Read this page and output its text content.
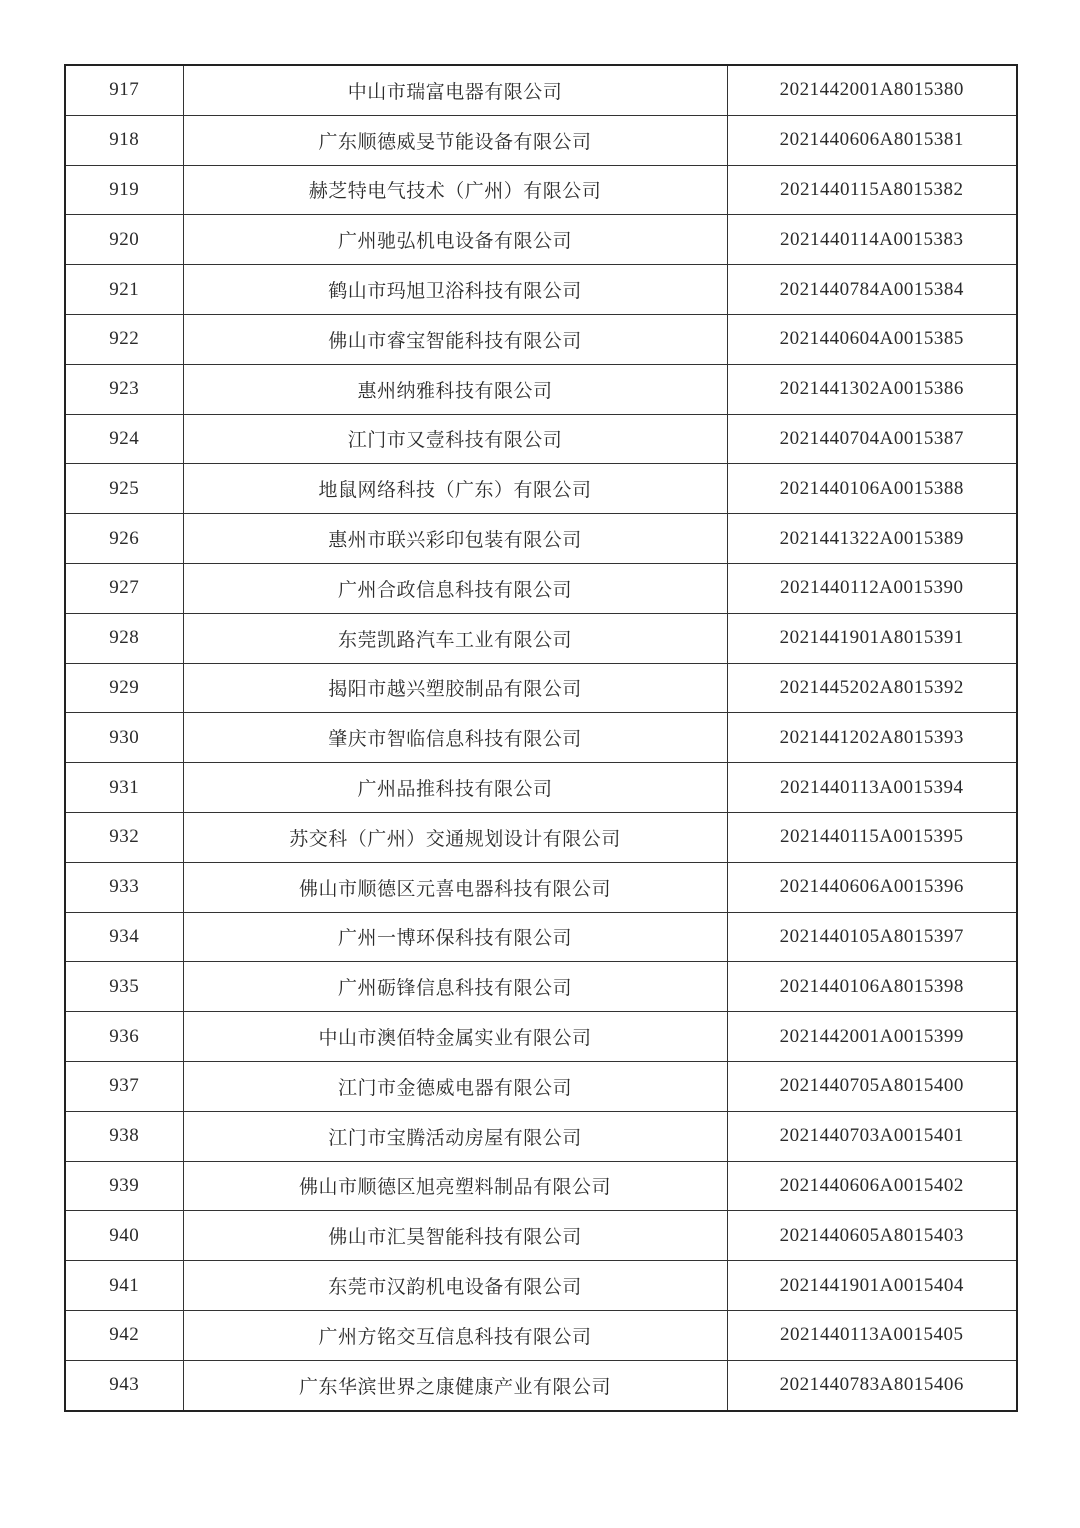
917	中山市瑞富电器有限公司	2021442001A8015380
918	广东顺德威旻节能设备有限公司	2021440606A8015381
919	赫芝特电气技术（广州）有限公司	2021440115A8015382
920	广州驰弘机电设备有限公司	2021440114A0015383
921	鹤山市玛旭卫浴科技有限公司	2021440784A0015384
922	佛山市睿宝智能科技有限公司	2021440604A0015385
923	惠州纳雅科技有限公司	2021441302A0015386
924	江门市又壹科技有限公司	2021440704A0015387
925	地鼠网络科技（广东）有限公司	2021440106A0015388
926	惠州市联兴彩印包装有限公司	2021441322A0015389
927	广州合政信息科技有限公司	2021440112A0015390
928	东莞凯路汽车工业有限公司	2021441901A8015391
929	揭阳市越兴塑胶制品有限公司	2021445202A8015392
930	肇庆市智临信息科技有限公司	2021441202A8015393
931	广州品推科技有限公司	2021440113A0015394
932	苏交科（广州）交通规划设计有限公司	2021440115A0015395
933	佛山市顺德区元喜电器科技有限公司	2021440606A0015396
934	广州一博环保科技有限公司	2021440105A8015397
935	广州砺锋信息科技有限公司	2021440106A8015398
936	中山市澳佰特金属实业有限公司	2021442001A0015399
937	江门市金德威电器有限公司	2021440705A8015400
938	江门市宝腾活动房屋有限公司	2021440703A0015401
939	佛山市顺德区旭亮塑料制品有限公司	2021440606A0015402
940	佛山市汇昊智能科技有限公司	2021440605A8015403
941	东莞市汉韵机电设备有限公司	2021441901A0015404
942	广州方铭交互信息科技有限公司	2021440113A0015405
943	广东华滨世界之康健康产业有限公司	2021440783A8015406
